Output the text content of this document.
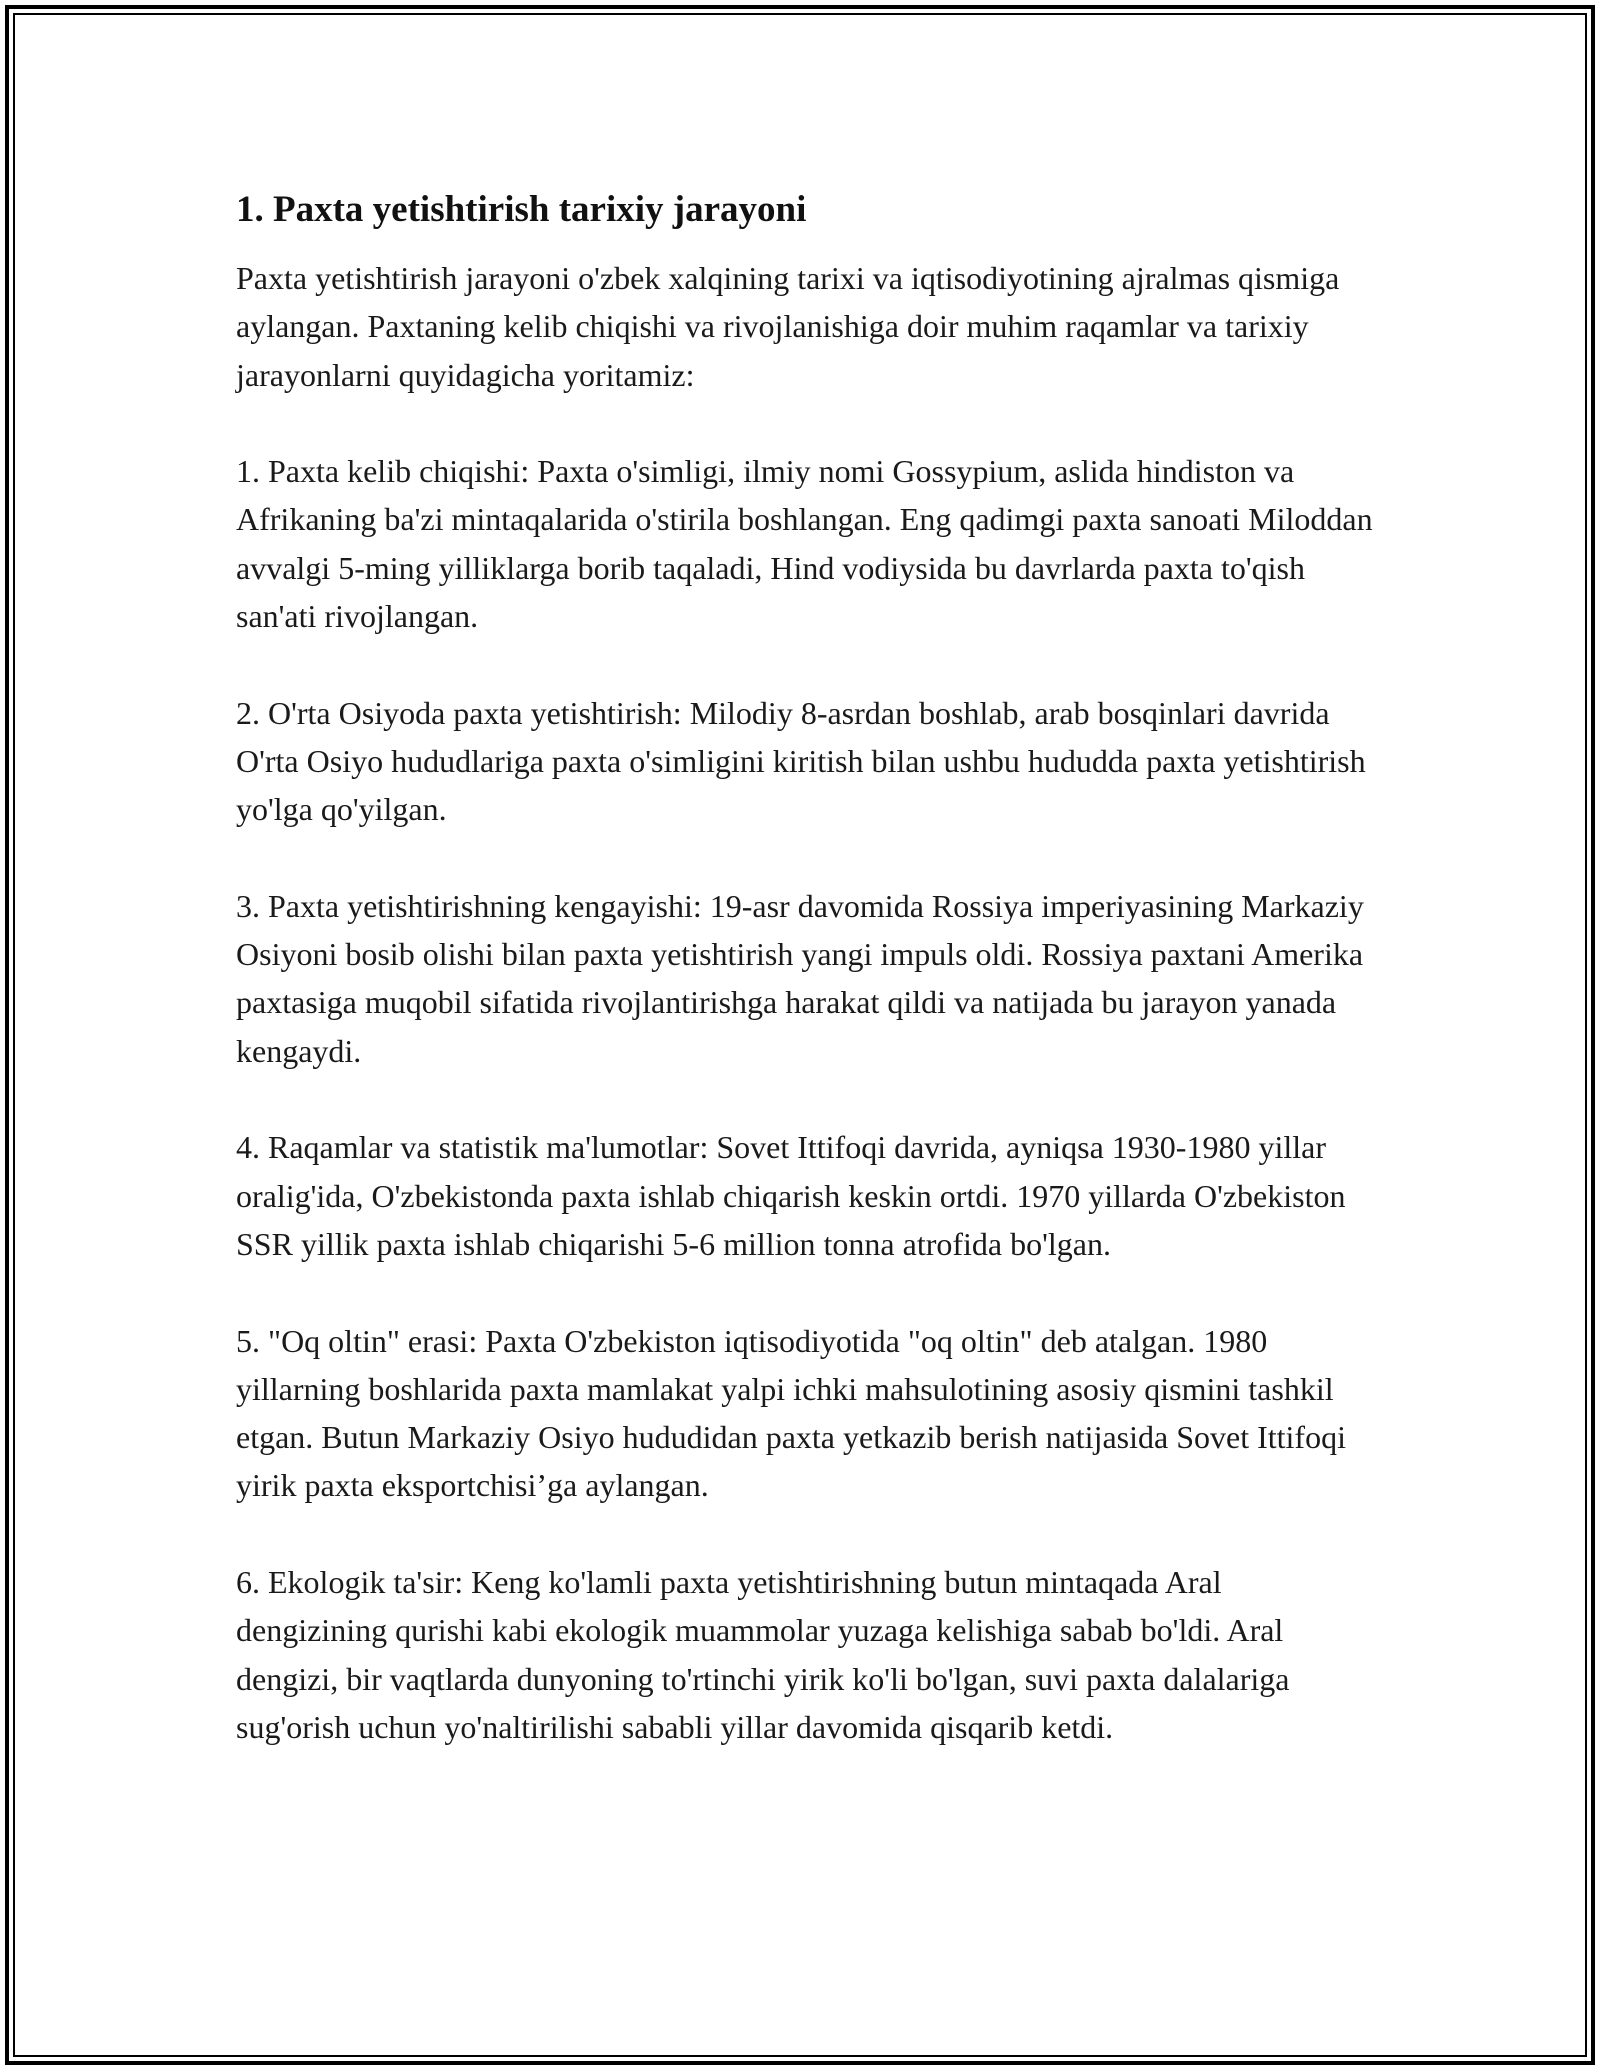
1. Paxta yetishtirish tarixiy jarayoni

Paxta yetishtirish jarayoni o'zbek xalqining tarixi va iqtisodiyotining ajralmas qismiga aylangan. Paxtaning kelib chiqishi va rivojlanishiga doir muhim raqamlar va tarixiy jarayonlarni quyidagicha yoritamiz:

1. Paxta kelib chiqishi: Paxta o'simligi, ilmiy nomi Gossypium, aslida hindiston va Afrikaning ba'zi mintaqalarida o'stirila boshlangan. Eng qadimgi paxta sanoati Miloddan avvalgi 5-ming yilliklarga borib taqaladi, Hind vodiysida bu davrlarda paxta to'qish san'ati rivojlangan.

2. O'rta Osiyoda paxta yetishtirish: Milodiy 8-asrdan boshlab, arab bosqinlari davrida O'rta Osiyo hududlariga paxta o'simligini kiritish bilan ushbu hududda paxta yetishtirish yo'lga qo'yilgan.

3. Paxta yetishtirishning kengayishi: 19-asr davomida Rossiya imperiyasining Markaziy Osiyoni bosib olishi bilan paxta yetishtirish yangi impuls oldi. Rossiya paxtani Amerika paxtasiga muqobil sifatida rivojlantirishga harakat qildi va natijada bu jarayon yanada kengaydi.

4. Raqamlar va statistik ma'lumotlar: Sovet Ittifoqi davrida, ayniqsa 1930-1980 yillar oralig'ida, O'zbekistonda paxta ishlab chiqarish keskin ortdi. 1970 yillarda O'zbekiston SSR yillik paxta ishlab chiqarishi 5-6 million tonna atrofida bo'lgan.

5. "Oq oltin" erasi: Paxta O'zbekiston iqtisodiyotida "oq oltin" deb atalgan. 1980 yillarning boshlarida paxta mamlakat yalpi ichki mahsulotining asosiy qismini tashkil etgan. Butun Markaziy Osiyo hududidan paxta yetkazib berish natijasida Sovet Ittifoqi yirik paxta eksportchisi’ga aylangan.

6. Ekologik ta'sir: Keng ko'lamli paxta yetishtirishning butun mintaqada Aral dengizining qurishi kabi ekologik muammolar yuzaga kelishiga sabab bo'ldi. Aral dengizi, bir vaqtlarda dunyoning to'rtinchi yirik ko'li bo'lgan, suvi paxta dalalariga sug'orish uchun yo'naltirilishi sababli yillar davomida qisqarib ketdi.
